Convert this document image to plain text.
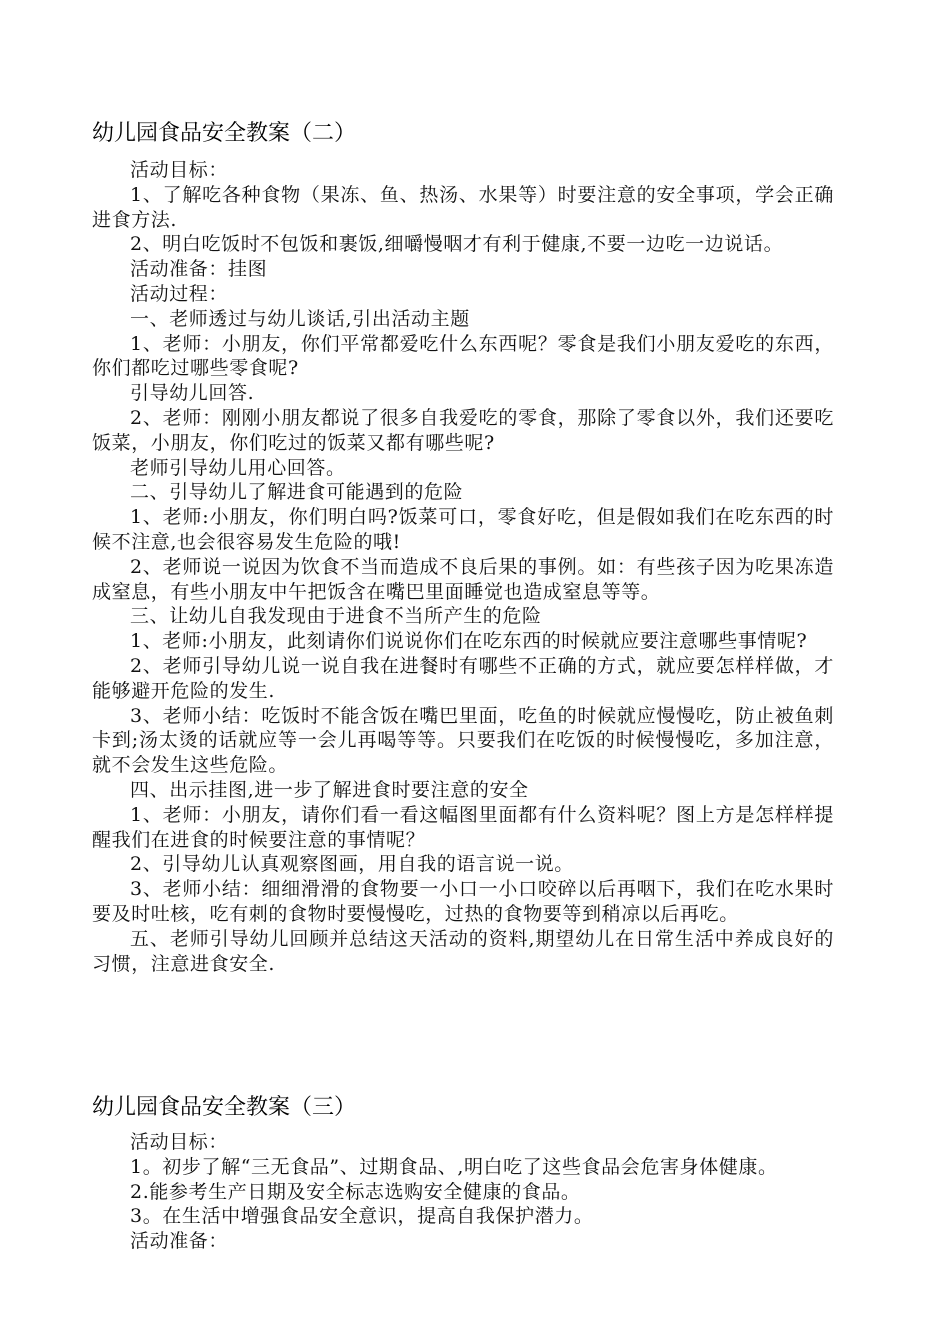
幼儿园食品安全教案（二）

活动目标：

1、了解吃各种食物（果冻、鱼、热汤、水果等）时要注意的安全事项，学会正确进食方法.

2、明白吃饭时不包饭和裹饭,细嚼慢咽才有利于健康,不要一边吃一边说话。

活动准备：挂图

活动过程：

一、老师透过与幼儿谈话,引出活动主题

1、老师：小朋友，你们平常都爱吃什么东西呢？零食是我们小朋友爱吃的东西，你们都吃过哪些零食呢?

引导幼儿回答.

2、老师：刚刚小朋友都说了很多自我爱吃的零食，那除了零食以外，我们还要吃饭菜，小朋友，你们吃过的饭菜又都有哪些呢?

老师引导幼儿用心回答。

二、引导幼儿了解进食可能遇到的危险

1、老师:小朋友，你们明白吗?饭菜可口，零食好吃，但是假如我们在吃东西的时候不注意,也会很容易发生危险的哦!

2、老师说一说因为饮食不当而造成不良后果的事例。如：有些孩子因为吃果冻造成窒息，有些小朋友中午把饭含在嘴巴里面睡觉也造成窒息等等。

三、让幼儿自我发现由于进食不当所产生的危险

1、老师:小朋友，此刻请你们说说你们在吃东西的时候就应要注意哪些事情呢?

2、老师引导幼儿说一说自我在进餐时有哪些不正确的方式，就应要怎样样做，才能够避开危险的发生.

3、老师小结：吃饭时不能含饭在嘴巴里面，吃鱼的时候就应慢慢吃，防止被鱼刺卡到;汤太烫的话就应等一会儿再喝等等。只要我们在吃饭的时候慢慢吃，多加注意，就不会发生这些危险。

四、出示挂图,进一步了解进食时要注意的安全

1、老师：小朋友，请你们看一看这幅图里面都有什么资料呢？图上方是怎样样提醒我们在进食的时候要注意的事情呢？

2、引导幼儿认真观察图画，用自我的语言说一说。

3、老师小结：细细滑滑的食物要一小口一小口咬碎以后再咽下，我们在吃水果时要及时吐核，吃有刺的食物时要慢慢吃，过热的食物要等到稍凉以后再吃。

五、老师引导幼儿回顾并总结这天活动的资料,期望幼儿在日常生活中养成良好的习惯，注意进食安全.

幼儿园食品安全教案（三）

活动目标：

1。初步了解“三无食品”、过期食品、,明白吃了这些食品会危害身体健康。

2.能参考生产日期及安全标志选购安全健康的食品。

3。在生活中增强食品安全意识，提高自我保护潜力。

活动准备：
